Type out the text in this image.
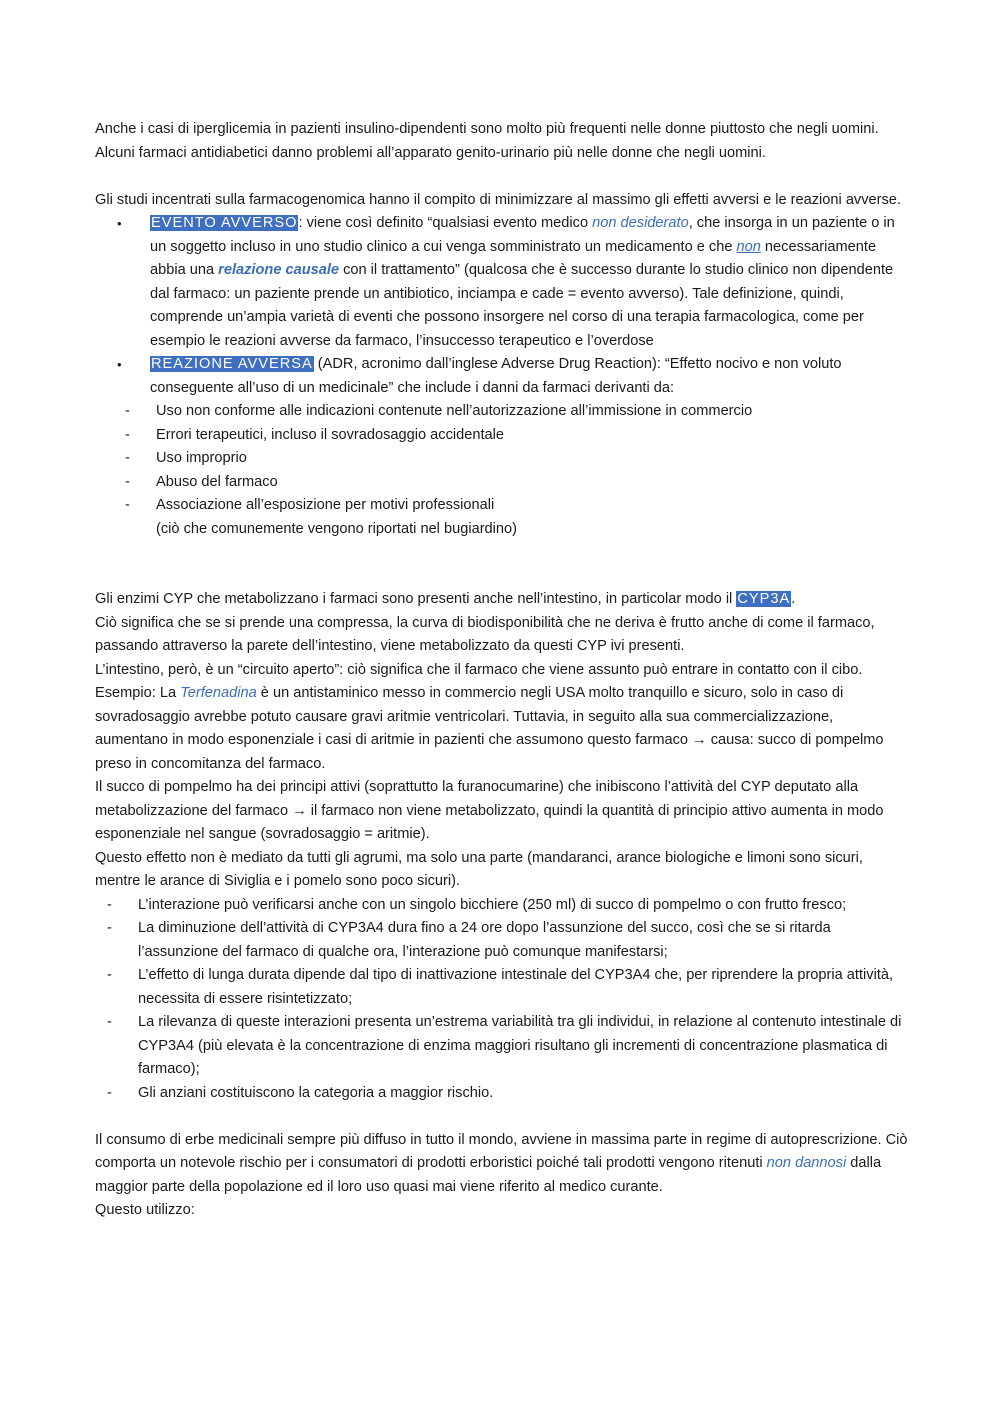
Anche i casi di iperglicemia in pazienti insulino-dipendenti sono molto più frequenti nelle donne piuttosto che negli uomini. Alcuni farmaci antidiabetici danno problemi all’apparato genito-urinario più nelle donne che negli uomini.

Gli studi incentrati sulla farmacogenomica hanno il compito di minimizzare al massimo gli effetti avversi e le reazioni avverse.

• EVENTO AVVERSO: viene così definito “qualsiasi evento medico non desiderato, che insorga in un paziente o in un soggetto incluso in uno studio clinico a cui venga somministrato un medicamento e che non necessariamente abbia una relazione causale con il trattamento” (qualcosa che è successo durante lo studio clinico non dipendente dal farmaco: un paziente prende un antibiotico, inciampa e cade = evento avverso). Tale definizione, quindi, comprende un’ampia varietà di eventi che possono insorgere nel corso di una terapia farmacologica, come per esempio le reazioni avverse da farmaco, l’insuccesso terapeutico e l’overdose
• REAZIONE AVVERSA (ADR, acronimo dall’inglese Adverse Drug Reaction): “Effetto nocivo e non voluto conseguente all’uso di un medicinale” che include i danni da farmaci derivanti da:
- Uso non conforme alle indicazioni contenute nell’autorizzazione all’immissione in commercio
- Errori terapeutici, incluso il sovradosaggio accidentale
- Uso improprio
- Abuso del farmaco
- Associazione all’esposizione per motivi professionali

(ciò che comunemente vengono riportati nel bugiardino)

Gli enzimi CYP che metabolizzano i farmaci sono presenti anche nell’intestino, in particolar modo il CYP3A.

Ciò significa che se si prende una compressa, la curva di biodisponibilità che ne deriva è frutto anche di come il farmaco, passando attraverso la parete dell’intestino, viene metabolizzato da questi CYP ivi presenti.

L’intestino, però, è un “circuito aperto”: ciò significa che il farmaco che viene assunto può entrare in contatto con il cibo.

Esempio: La Terfenadina è un antistaminico messo in commercio negli USA molto tranquillo e sicuro, solo in caso di sovradosaggio avrebbe potuto causare gravi aritmie ventricolari. Tuttavia, in seguito alla sua commercializzazione, aumentano in modo esponenziale i casi di aritmie in pazienti che assumono questo farmaco → causa: succo di pompelmo preso in concomitanza del farmaco.

Il succo di pompelmo ha dei principi attivi (soprattutto la furanocumarine) che inibiscono l’attività del CYP deputato alla metabolizzazione del farmaco → il farmaco non viene metabolizzato, quindi la quantità di principio attivo aumenta in modo esponenziale nel sangue (sovradosaggio = aritmie).

Questo effetto non è mediato da tutti gli agrumi, ma solo una parte (mandaranci, arance biologiche e limoni sono sicuri, mentre le arance di Siviglia e i pomelo sono poco sicuri).

- L’interazione può verificarsi anche con un singolo bicchiere (250 ml) di succo di pompelmo o con frutto fresco;
- La diminuzione dell’attività di CYP3A4 dura fino a 24 ore dopo l’assunzione del succo, così che se si ritarda l’assunzione del farmaco di qualche ora, l’interazione può comunque manifestarsi;
- L’effetto di lunga durata dipende dal tipo di inattivazione intestinale del CYP3A4 che, per riprendere la propria attività, necessita di essere risintetizzato;
- La rilevanza di queste interazioni presenta un’estrema variabilità tra gli individui, in relazione al contenuto intestinale di CYP3A4 (più elevata è la concentrazione di enzima maggiori risultano gli incrementi di concentrazione plasmatica di farmaco);
- Gli anziani costituiscono la categoria a maggior rischio.

Il consumo di erbe medicinali sempre più diffuso in tutto il mondo, avviene in massima parte in regime di autoprescrizione. Ciò comporta un notevole rischio per i consumatori di prodotti erboristici poiché tali prodotti vengono ritenuti non dannosi dalla maggior parte della popolazione ed il loro uso quasi mai viene riferito al medico curante.

Questo utilizzo:
